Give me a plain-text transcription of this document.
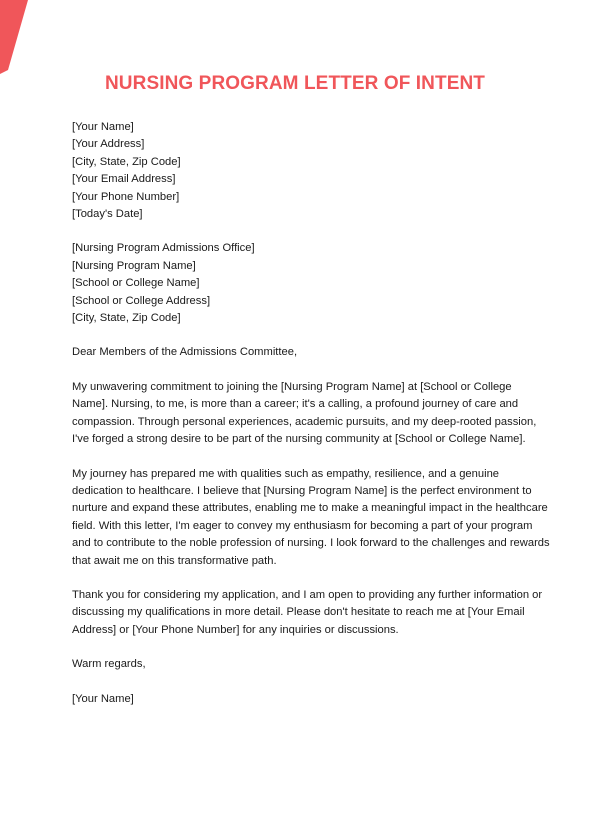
NURSING PROGRAM LETTER OF INTENT
[Your Name]
[Your Address]
[City, State, Zip Code]
[Your Email Address]
[Your Phone Number]
[Today's Date]
[Nursing Program Admissions Office]
[Nursing Program Name]
[School or College Name]
[School or College Address]
[City, State, Zip Code]

Dear Members of the Admissions Committee,

My unwavering commitment to joining the [Nursing Program Name] at [School or College Name]. Nursing, to me, is more than a career; it's a calling, a profound journey of care and compassion. Through personal experiences, academic pursuits, and my deep-rooted passion, I've forged a strong desire to be part of the nursing community at [School or College Name].

My journey has prepared me with qualities such as empathy, resilience, and a genuine dedication to healthcare. I believe that [Nursing Program Name] is the perfect environment to nurture and expand these attributes, enabling me to make a meaningful impact in the healthcare field. With this letter, I'm eager to convey my enthusiasm for becoming a part of your program and to contribute to the noble profession of nursing. I look forward to the challenges and rewards that await me on this transformative path.

Thank you for considering my application, and I am open to providing any further information or discussing my qualifications in more detail. Please don't hesitate to reach me at [Your Email Address] or [Your Phone Number] for any inquiries or discussions.

Warm regards,

[Your Name]
